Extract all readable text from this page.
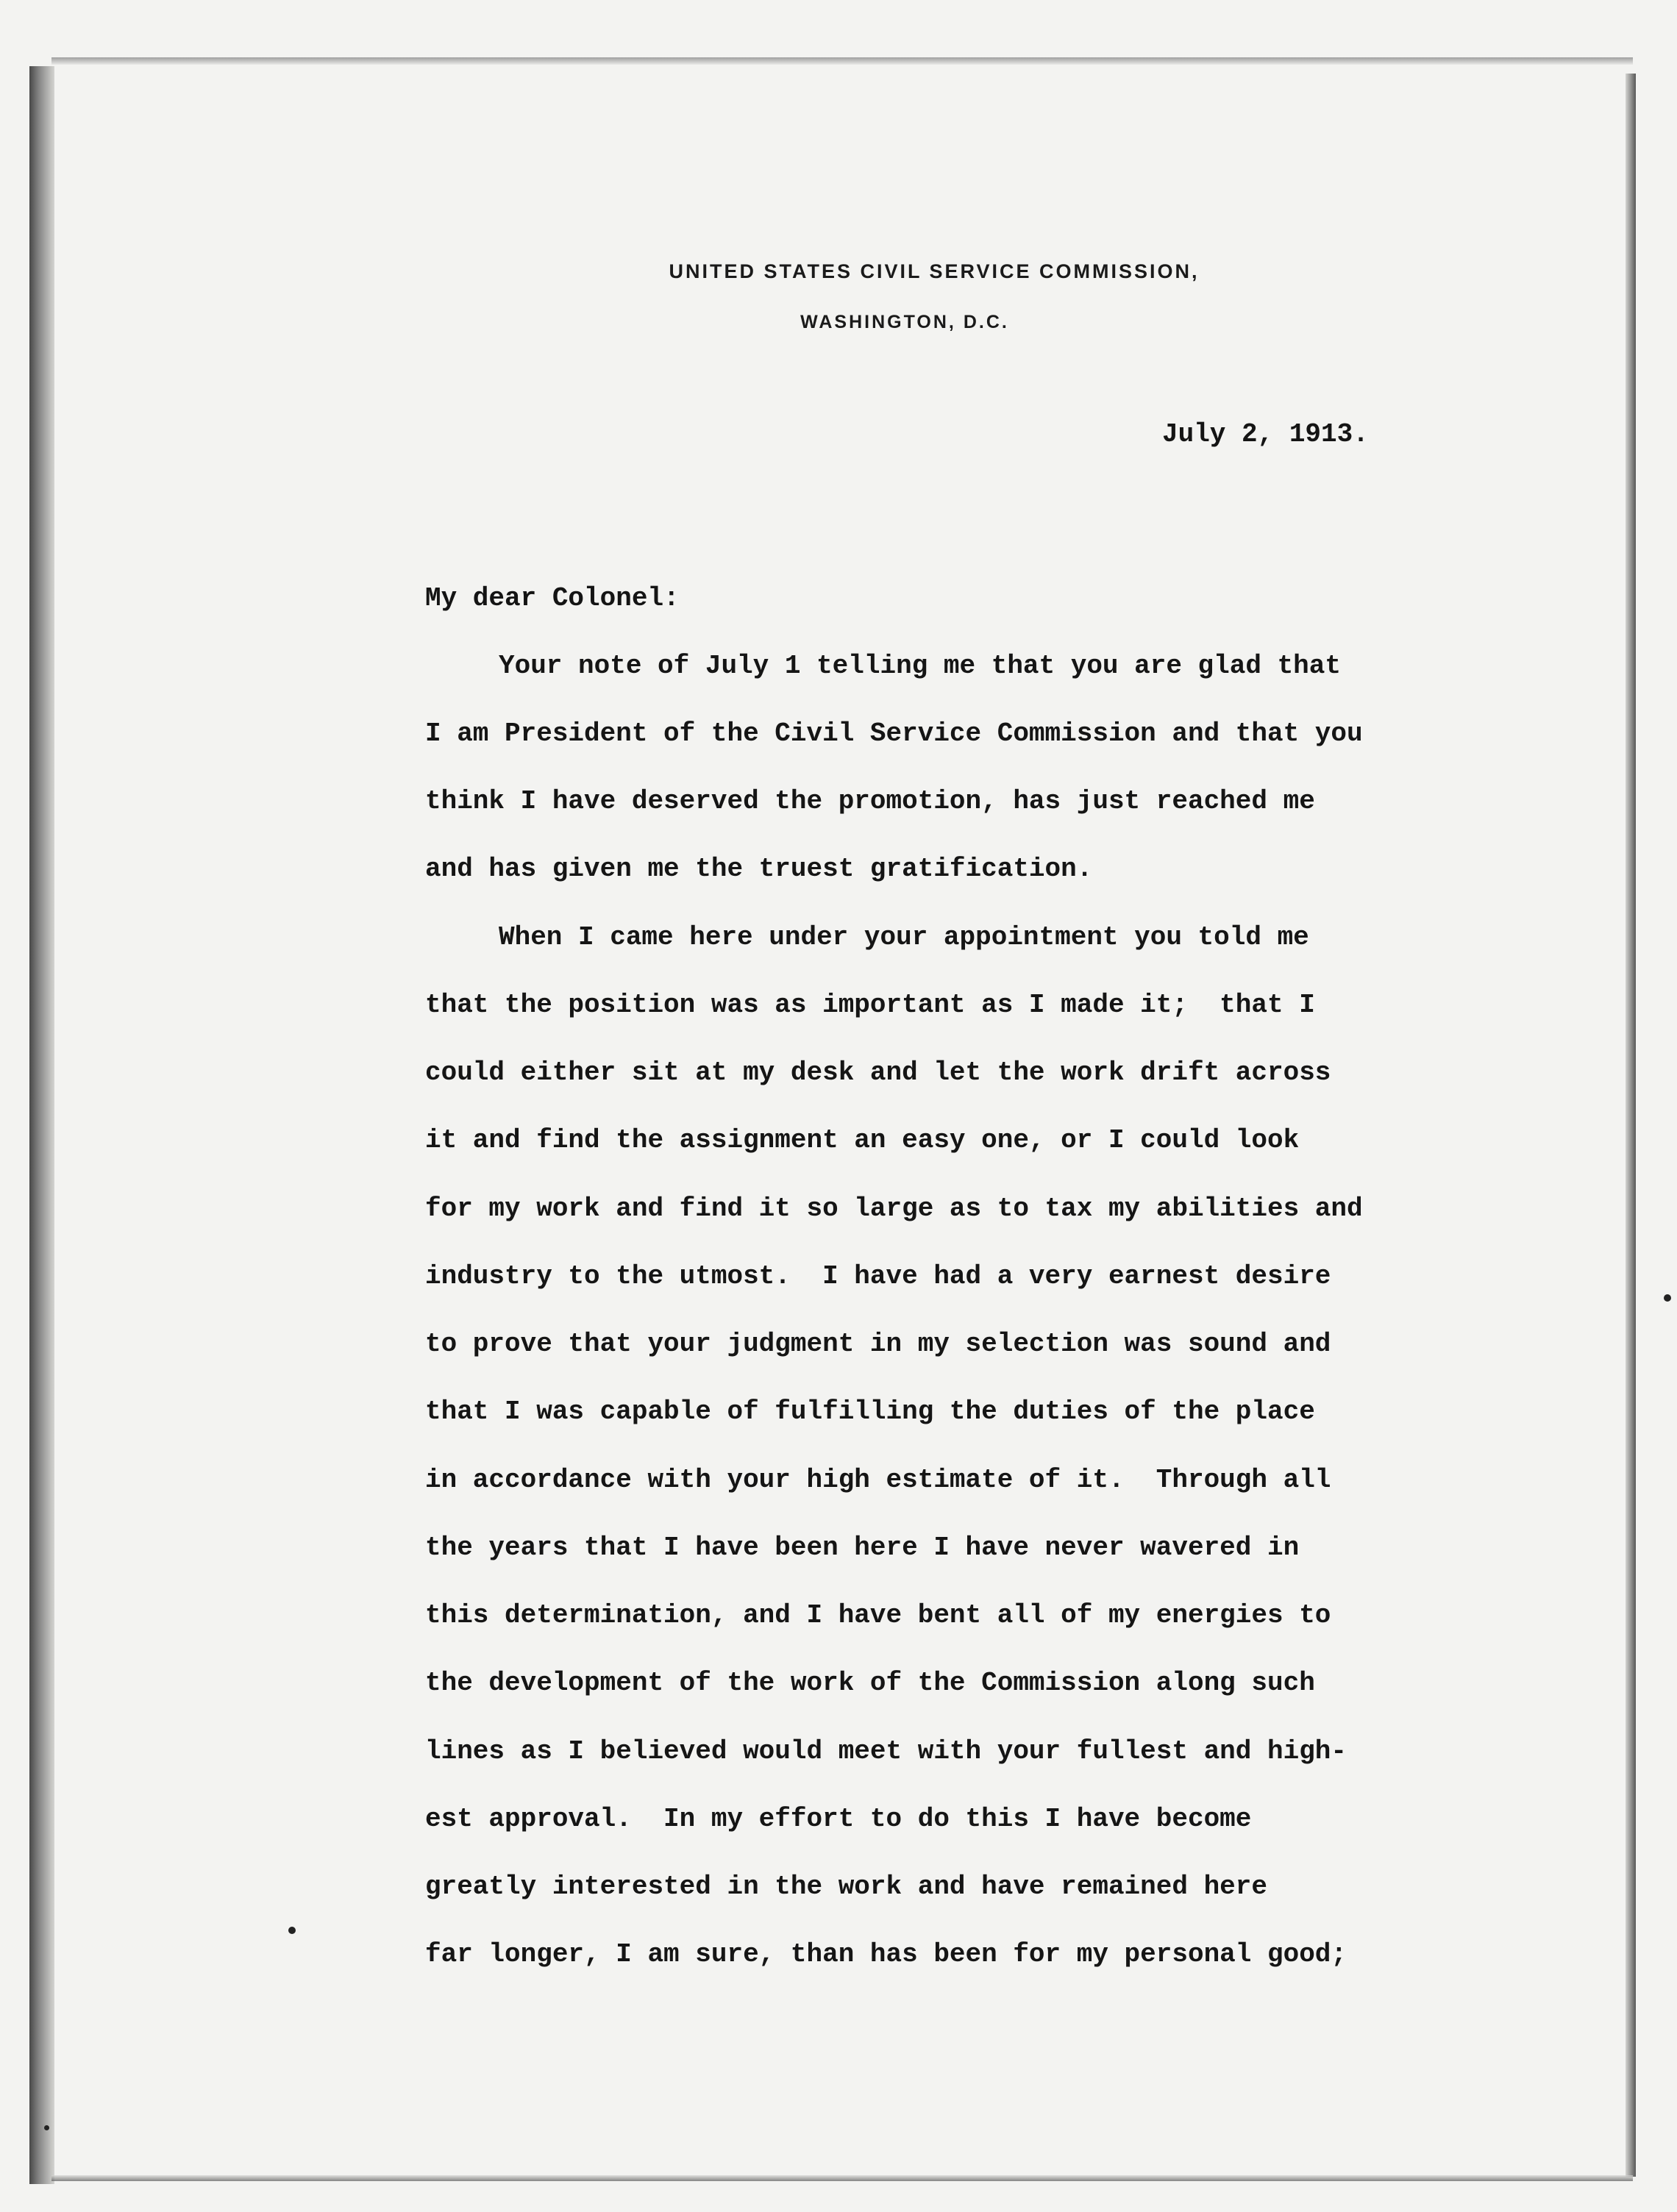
UNITED STATES CIVIL SERVICE COMMISSION,
WASHINGTON, D.C.
July 2, 1913.
My dear Colonel:
Your note of July 1 telling me that you are glad that
I am President of the Civil Service Commission and that you
think I have deserved the promotion, has just reached me
and has given me the truest gratification.
When I came here under your appointment you told me
that the position was as important as I made it;  that I
could either sit at my desk and let the work drift across
it and find the assignment an easy one, or I could look
for my work and find it so large as to tax my abilities and
industry to the utmost.  I have had a very earnest desire
to prove that your judgment in my selection was sound and
that I was capable of fulfilling the duties of the place
in accordance with your high estimate of it.  Through all
the years that I have been here I have never wavered in
this determination, and I have bent all of my energies to
the development of the work of the Commission along such
lines as I believed would meet with your fullest and high-
est approval.  In my effort to do this I have become
greatly interested in the work and have remained here
far longer, I am sure, than has been for my personal good;
